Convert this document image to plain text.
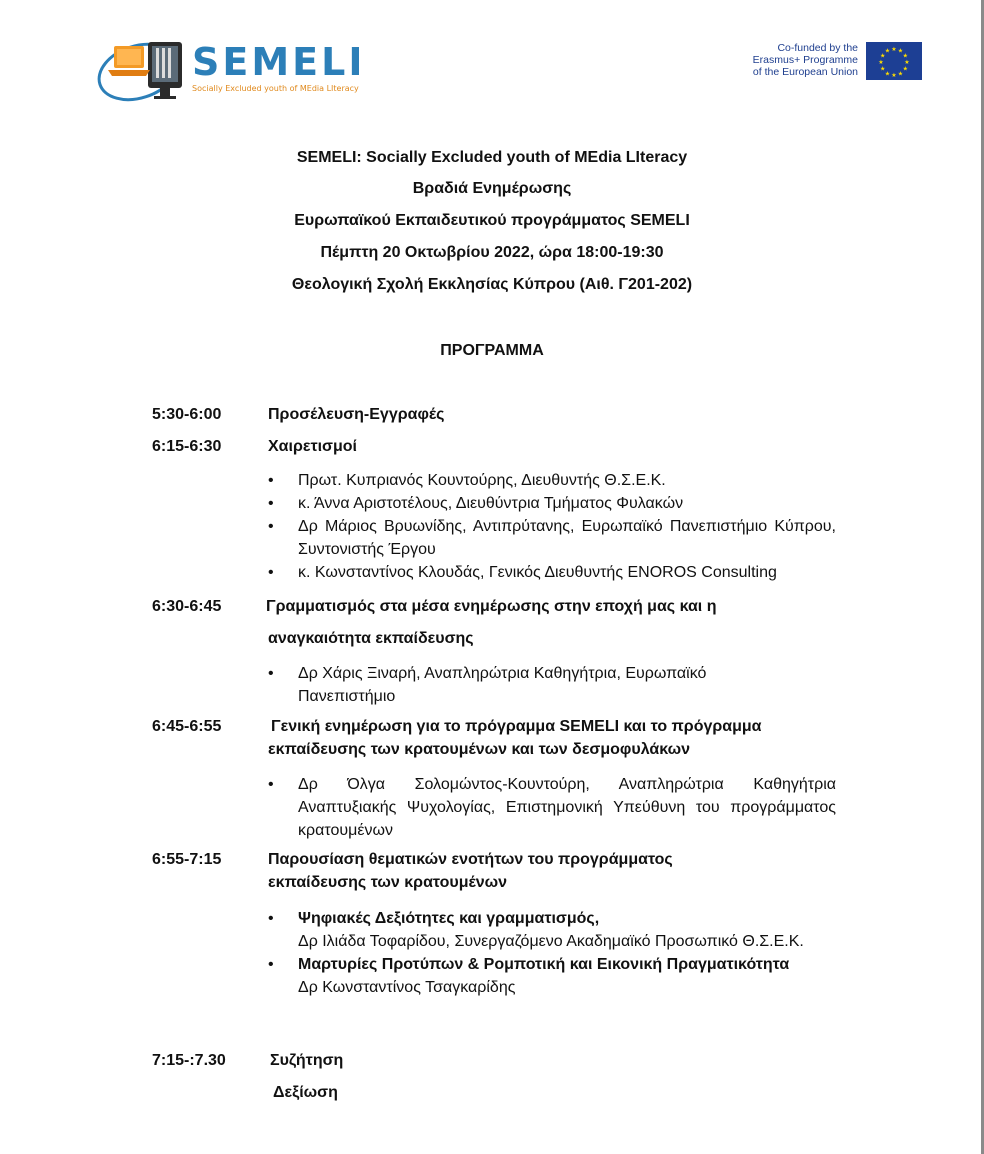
SEMELI
Socially Excluded youth of MEdia LIteracy
Co-funded by the
Erasmus+ Programme
of the European Union
★ ★
★
★
★
★
★
★
★
★
★
★
SEMELI: Socially Excluded youth of MEdia LIteracy
Βραδιά Ενημέρωσης
Ευρωπαϊκού Εκπαιδευτικού προγράμματος SEMELI
Πέμπτη 20 Οκτωβρίου 2022, ώρα 18:00-19:30
Θεολογική Σχολή Εκκλησίας Κύπρου (Αιθ. Γ201-202)
ΠΡΟΓΡΑΜΜΑ
5:30-6:00	Προσέλευση-Εγγραφές
6:15-6:30	Χαιρετισμοί
• Πρωτ. Κυπριανός Κουντούρης, Διευθυντής Θ.Σ.Ε.Κ.
• κ. Άννα Αριστοτέλους, Διευθύντρια Τμήματος Φυλακών
• Δρ Μάριος Βρυωνίδης, Αντιπρύτανης, Ευρωπαϊκό Πανεπιστήμιο Κύπρου, Συντονιστής Έργου
• κ. Κωνσταντίνος Κλουδάς, Γενικός Διευθυντής ENOROS Consulting
6:30-6:45	Γραμματισμός στα μέσα ενημέρωσης στην εποχή μας και η
αναγκαιότητα εκπαίδευσης
• Δρ Χάρις Ξιναρή, Αναπληρώτρια Καθηγήτρια, Ευρωπαϊκό Πανεπιστήμιο
6:45-6:55	Γενική ενημέρωση για το πρόγραμμα SEMELI και το πρόγραμμα
εκπαίδευσης των κρατουμένων και των δεσμοφυλάκων
• Δρ Όλγα Σολομώντος-Κουντούρη, Αναπληρώτρια Καθηγήτρια Αναπτυξιακής Ψυχολογίας, Επιστημονική Υπεύθυνη του προγράμματος κρατουμένων
6:55-7:15	Παρουσίαση θεματικών ενοτήτων του προγράμματος
εκπαίδευσης των κρατουμένων
• Ψηφιακές Δεξιότητες και γραμματισμός,
Δρ Ιλιάδα Τοφαρίδου, Συνεργαζόμενο Ακαδημαϊκό Προσωπικό Θ.Σ.Ε.Κ.
• Μαρτυρίες Προτύπων & Ρομποτική και Εικονική Πραγματικότητα
Δρ Κωνσταντίνος Τσαγκαρίδης
7:15-:7.30	Συζήτηση
Δεξίωση
